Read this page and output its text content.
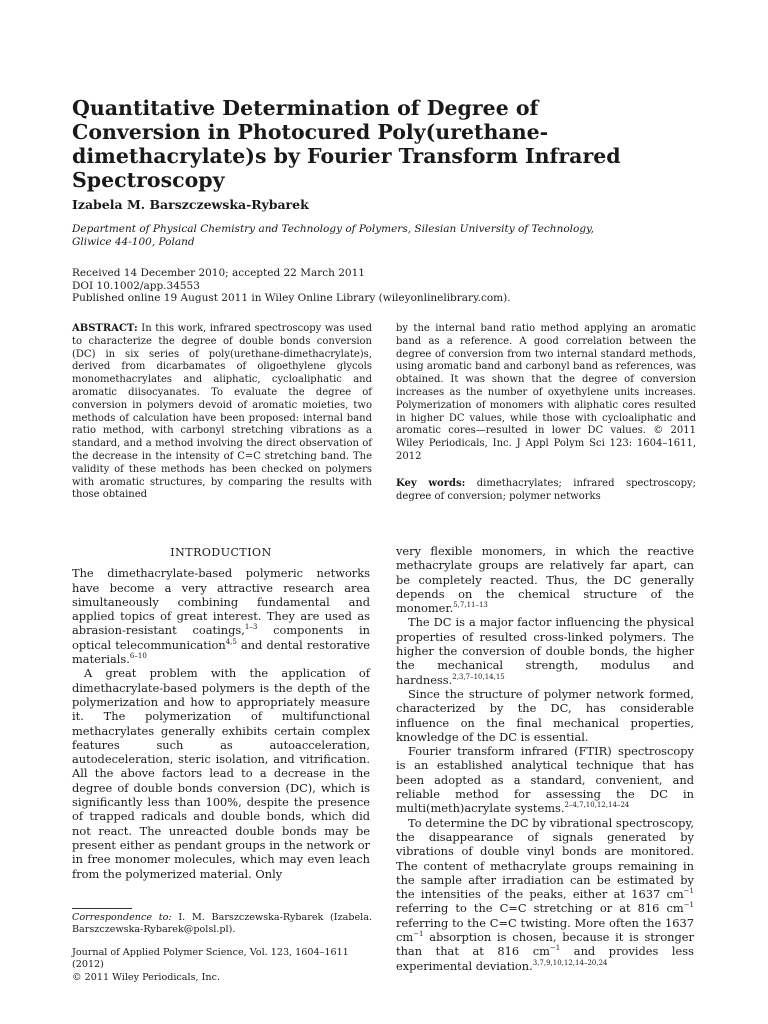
Quantitative Determination of Degree of Conversion in Photocured Poly(urethane-dimethacrylate)s by Fourier Transform Infrared Spectroscopy

Izabela M. Barszczewska-Rybarek

Department of Physical Chemistry and Technology of Polymers, Silesian University of Technology, Gliwice 44-100, Poland

Received 14 December 2010; accepted 22 March 2011
DOI 10.1002/app.34553
Published online 19 August 2011 in Wiley Online Library (wileyonlinelibrary.com).
ABSTRACT: In this work, infrared spectroscopy was used to characterize the degree of double bonds conversion (DC) in six series of poly(urethane-dimethacrylate)s, derived from dicarbamates of oligoethylene glycols monomethacrylates and aliphatic, cycloaliphatic and aromatic diisocyanates. To evaluate the degree of conversion in polymers devoid of aromatic moieties, two methods of calculation have been proposed: internal band ratio method, with carbonyl stretching vibrations as a standard, and a method involving the direct observation of the decrease in the intensity of C=C stretching band. The validity of these methods has been checked on polymers with aromatic structures, by comparing the results with those obtained
by the internal band ratio method applying an aromatic band as a reference. A good correlation between the degree of conversion from two internal standard methods, using aromatic band and carbonyl band as references, was obtained. It was shown that the degree of conversion increases as the number of oxyethylene units increases. Polymerization of monomers with aliphatic cores resulted in higher DC values, while those with cycloaliphatic and aromatic cores—resulted in lower DC values. © 2011 Wiley Periodicals, Inc. J Appl Polym Sci 123: 1604–1611, 2012
Key words: dimethacrylates; infrared spectroscopy; degree of conversion; polymer networks
INTRODUCTION

The dimethacrylate-based polymeric networks have become a very attractive research area simultaneously combining fundamental and applied topics of great interest. They are used as abrasion-resistant coatings,$^{1-3}$ components in optical telecommunication$^{4,5}$ and dental restorative materials.$^{6-10}$

A great problem with the application of dimethacrylate-based polymers is the depth of the polymerization and how to appropriately measure it. The polymerization of multifunctional methacrylates generally exhibits certain complex features such as autoacceleration, autodeceleration, steric isolation, and vitrification. All the above factors lead to a decrease in the degree of double bonds conversion (DC), which is significantly less than 100%, despite the presence of trapped radicals and double bonds, which did not react. The unreacted double bonds may be present either as pendant groups in the network or in free monomer molecules, which may even leach from the polymerized material. Only

very flexible monomers, in which the reactive methacrylate groups are relatively far apart, can be completely reacted. Thus, the DC generally depends on the chemical structure of the monomer.$^{5,7,11-13}$

The DC is a major factor influencing the physical properties of resulted cross-linked polymers. The higher the conversion of double bonds, the higher the mechanical strength, modulus and hardness.$^{2,3,7-10,14,15}$

Since the structure of polymer network formed, characterized by the DC, has considerable influence on the final mechanical properties, knowledge of the DC is essential.

Fourier transform infrared (FTIR) spectroscopy is an established analytical technique that has been adopted as a standard, convenient, and reliable method for assessing the DC in multi(meth)acrylate systems.$^{2-4,7,10,12,14-24}$

To determine the DC by vibrational spectroscopy, the disappearance of signals generated by vibrations of double vinyl bonds are monitored. The content of methacrylate groups remaining in the sample after irradiation can be estimated by the intensities of the peaks, either at 1637 $cm^{-1}$ referring to the C=C stretching or at 816 $cm^{-1}$ referring to the C=C twisting. More often the 1637 $cm^{-1}$ absorption is chosen, because it is stronger than that at 816 $cm^{-1}$ and provides less experimental deviation.$^{3,7,9,10,12,14-20,24}$

Correspondence to: I. M. Barszczewska-Rybarek (Izabela. Barszczewska-Rybarek@polsl.pl).

Journal of Applied Polymer Science, Vol. 123, 1604–1611 (2012)
© 2011 Wiley Periodicals, Inc.
